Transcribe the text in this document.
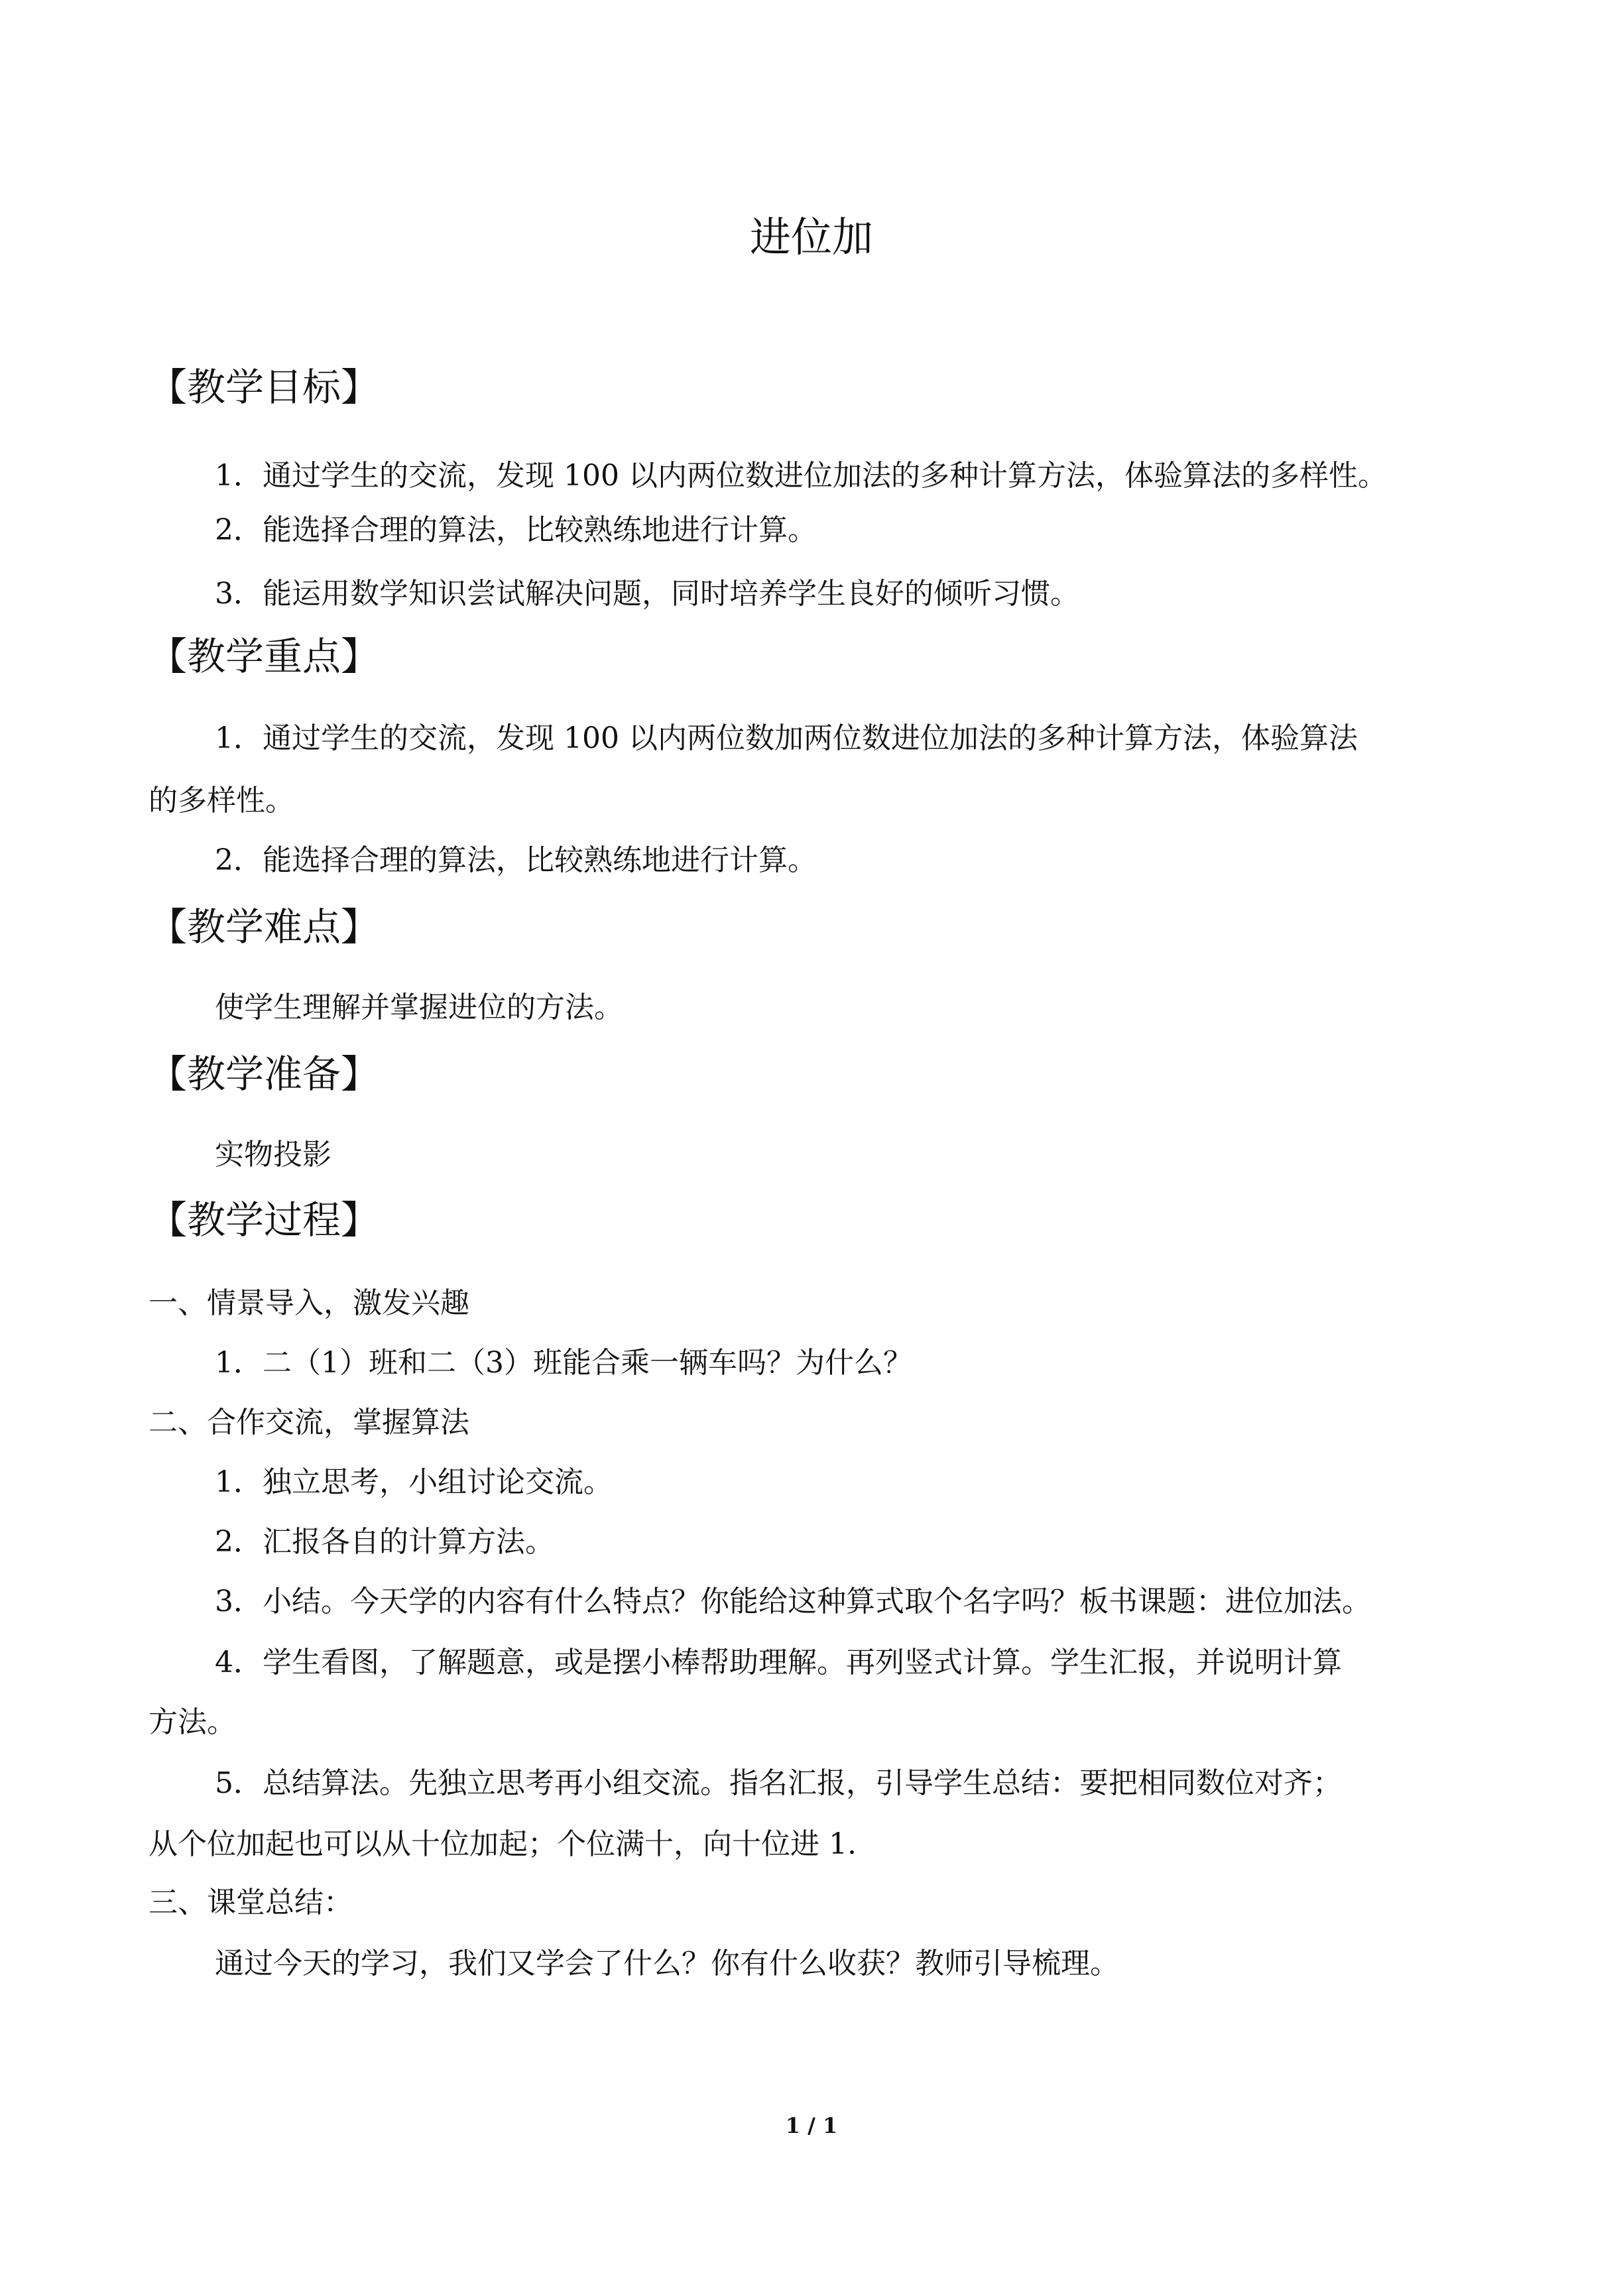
进位加
【教学目标】
1．通过学生的交流，发现 100 以内两位数进位加法的多种计算方法，体验算法的多样性。
2．能选择合理的算法，比较熟练地进行计算。
3．能运用数学知识尝试解决问题，同时培养学生良好的倾听习惯。
【教学重点】
1．通过学生的交流，发现 100 以内两位数加两位数进位加法的多种计算方法，体验算法
的多样性。
2．能选择合理的算法，比较熟练地进行计算。
【教学难点】
使学生理解并掌握进位的方法。
【教学准备】
实物投影
【教学过程】
一、情景导入，激发兴趣
1．二（1）班和二（3）班能合乘一辆车吗？为什么？
二、合作交流，掌握算法
1．独立思考，小组讨论交流。
2．汇报各自的计算方法。
3．小结。今天学的内容有什么特点？你能给这种算式取个名字吗？板书课题：进位加法。
4．学生看图，了解题意，或是摆小棒帮助理解。再列竖式计算。学生汇报，并说明计算
方法。
5．总结算法。先独立思考再小组交流。指名汇报，引导学生总结：要把相同数位对齐；
从个位加起也可以从十位加起；个位满十，向十位进 1.
三、课堂总结：
通过今天的学习，我们又学会了什么？你有什么收获？教师引导梳理。
1 / 1
